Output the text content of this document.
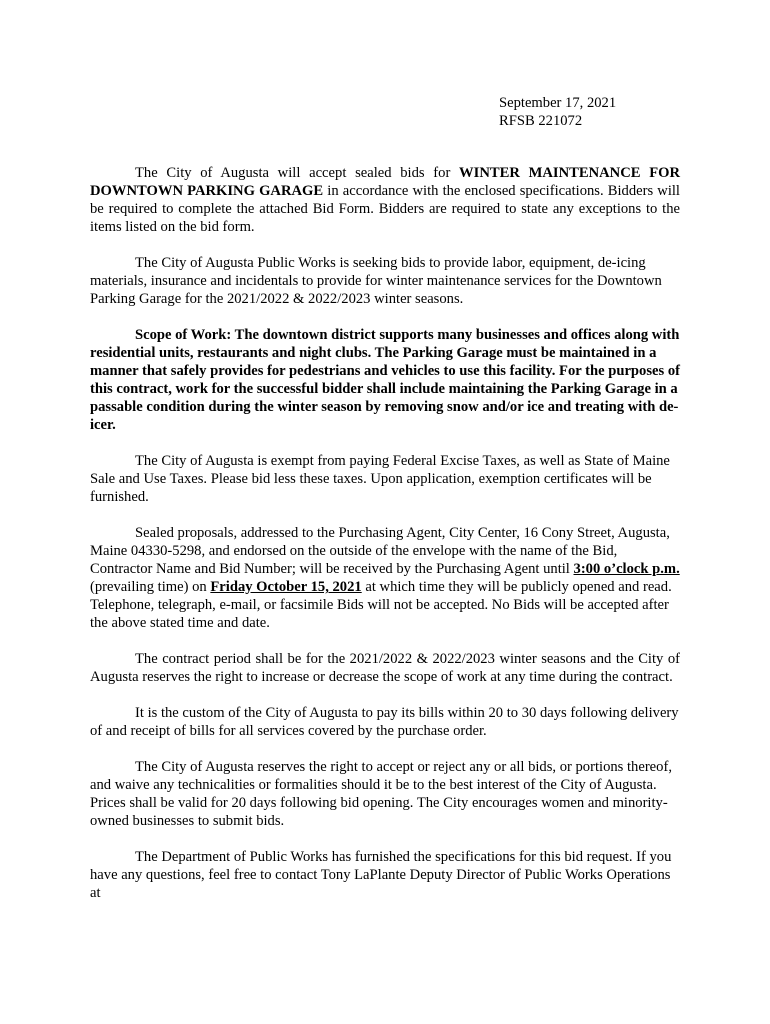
September 17, 2021
RFSB 221072

The City of Augusta will accept sealed bids for WINTER MAINTENANCE FOR DOWNTOWN PARKING GARAGE in accordance with the enclosed specifications. Bidders will be required to complete the attached Bid Form. Bidders are required to state any exceptions to the items listed on the bid form.

The City of Augusta Public Works is seeking bids to provide labor, equipment, de-icing materials, insurance and incidentals to provide for winter maintenance services for the Downtown Parking Garage for the 2021/2022 & 2022/2023 winter seasons.

Scope of Work: The downtown district supports many businesses and offices along with residential units, restaurants and night clubs. The Parking Garage must be maintained in a manner that safely provides for pedestrians and vehicles to use this facility. For the purposes of this contract, work for the successful bidder shall include maintaining the Parking Garage in a passable condition during the winter season by removing snow and/or ice and treating with de-icer.

The City of Augusta is exempt from paying Federal Excise Taxes, as well as State of Maine Sale and Use Taxes. Please bid less these taxes. Upon application, exemption certificates will be furnished.

Sealed proposals, addressed to the Purchasing Agent, City Center, 16 Cony Street, Augusta, Maine 04330-5298, and endorsed on the outside of the envelope with the name of the Bid, Contractor Name and Bid Number; will be received by the Purchasing Agent until 3:00 o’clock p.m. (prevailing time) on Friday October 15, 2021 at which time they will be publicly opened and read. Telephone, telegraph, e-mail, or facsimile Bids will not be accepted. No Bids will be accepted after the above stated time and date.

The contract period shall be for the 2021/2022 & 2022/2023 winter seasons and the City of Augusta reserves the right to increase or decrease the scope of work at any time during the contract.

It is the custom of the City of Augusta to pay its bills within 20 to 30 days following delivery of and receipt of bills for all services covered by the purchase order.

The City of Augusta reserves the right to accept or reject any or all bids, or portions thereof, and waive any technicalities or formalities should it be to the best interest of the City of Augusta. Prices shall be valid for 20 days following bid opening. The City encourages women and minority-owned businesses to submit bids.

The Department of Public Works has furnished the specifications for this bid request. If you have any questions, feel free to contact Tony LaPlante Deputy Director of Public Works Operations at
